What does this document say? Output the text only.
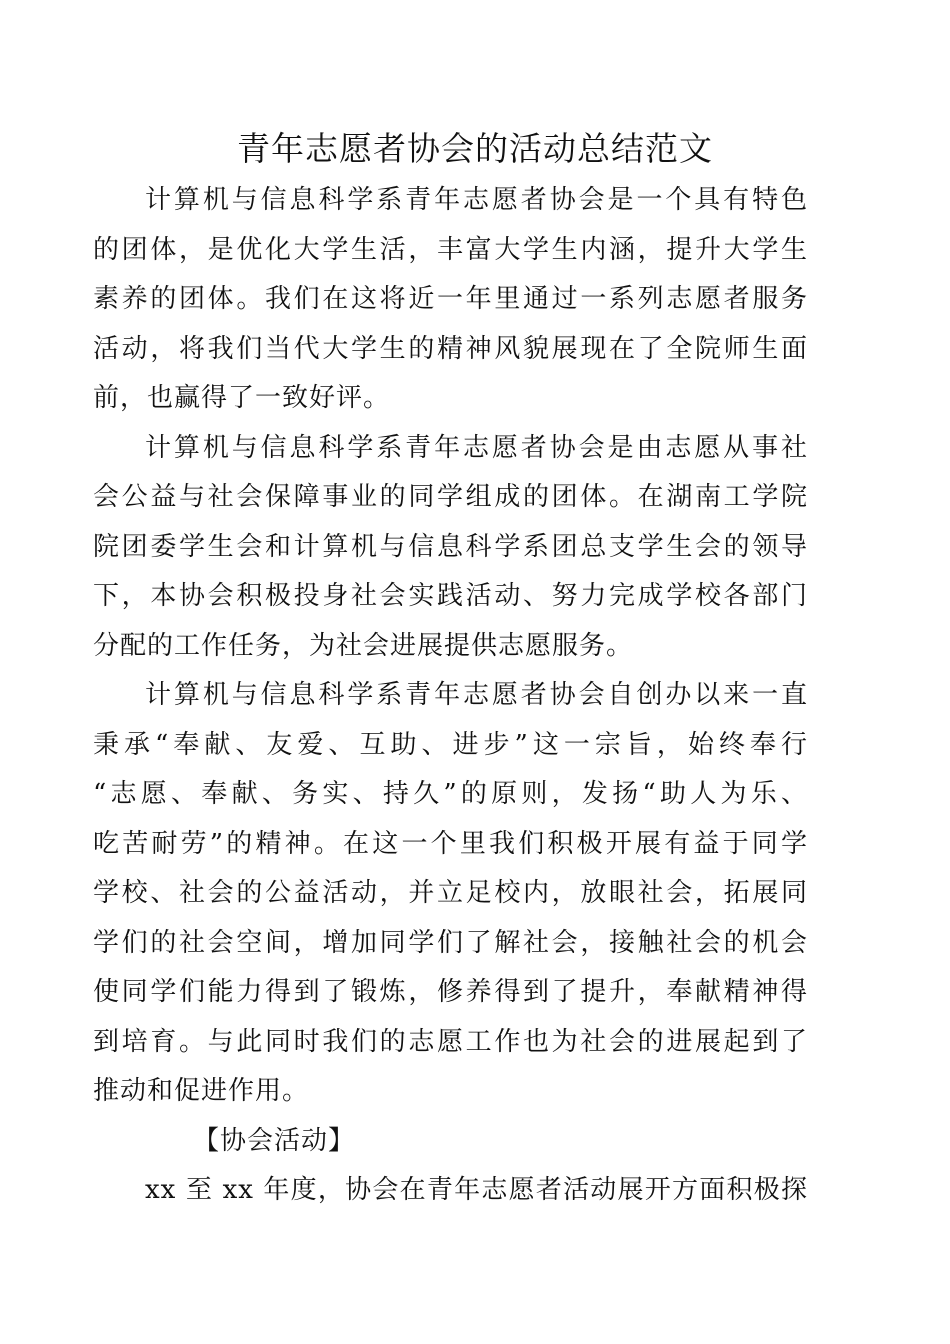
青年志愿者协会的活动总结范文

计算机与信息科学系青年志愿者协会是一个具有特色
的团体，是优化大学生活，丰富大学生内涵，提升大学生
素养的团体。我们在这将近一年里通过一系列志愿者服务
活动，将我们当代大学生的精神风貌展现在了全院师生面
前，也赢得了一致好评。

计算机与信息科学系青年志愿者协会是由志愿从事社
会公益与社会保障事业的同学组成的团体。在湖南工学院
院团委学生会和计算机与信息科学系团总支学生会的领导
下，本协会积极投身社会实践活动、努力完成学校各部门
分配的工作任务，为社会进展提供志愿服务。

计算机与信息科学系青年志愿者协会自创办以来一直
秉承“奉献、友爱、互助、进步”这一宗旨，始终奉行
“志愿、奉献、务实、持久”的原则，发扬“助人为乐、
吃苦耐劳”的精神。在这一个里我们积极开展有益于同学
学校、社会的公益活动，并立足校内，放眼社会，拓展同
学们的社会空间，增加同学们了解社会，接触社会的机会
使同学们能力得到了锻炼，修养得到了提升，奉献精神得
到培育。与此同时我们的志愿工作也为社会的进展起到了
推动和促进作用。

【协会活动】

xx 至 xx 年度，协会在青年志愿者活动展开方面积极探
